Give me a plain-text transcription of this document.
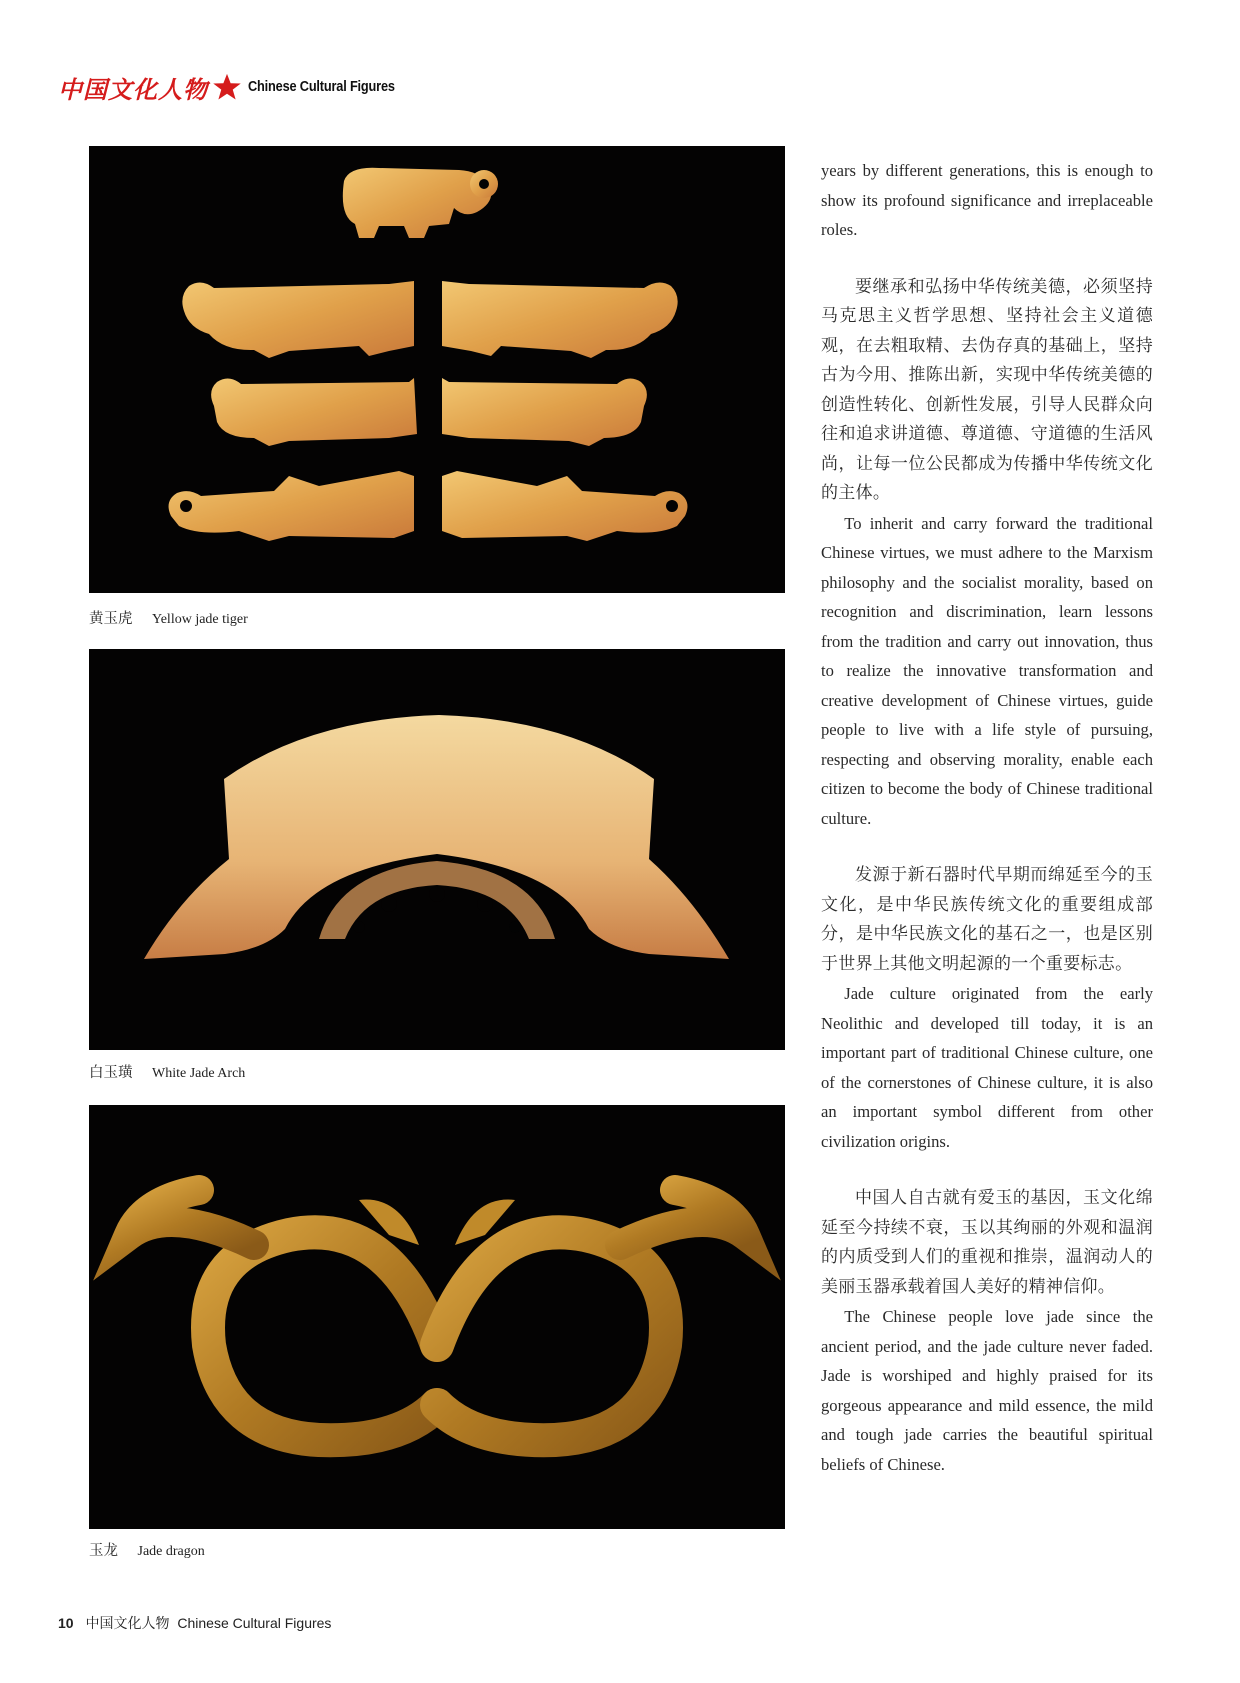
中国文化人物	Chinese Cultural Figures
黄玉虎 Yellow jade tiger
白玉璜 White Jade Arch
玉龙 Jade dragon

years by different generations, this is enough to show its profound significance and irreplaceable roles.

要继承和弘扬中华传统美德，必须坚持马克思主义哲学思想、坚持社会主义道德观，在去粗取精、去伪存真的基础上，坚持古为今用、推陈出新，实现中华传统美德的创造性转化、创新性发展，引导人民群众向往和追求讲道德、尊道德、守道德的生活风尚，让每一位公民都成为传播中华传统文化的主体。

To inherit and carry forward the traditional Chinese virtues, we must adhere to the Marxism philosophy and the socialist morality, based on recognition and discrimination, learn lessons from the tradition and carry out innovation, thus to realize the innovative transformation and creative development of Chinese virtues, guide people to live with a life style of pursuing, respecting and observing morality, enable each citizen to become the body of Chinese traditional culture.

发源于新石器时代早期而绵延至今的玉文化，是中华民族传统文化的重要组成部分，是中华民族文化的基石之一，也是区别于世界上其他文明起源的一个重要标志。

Jade culture originated from the early Neolithic and developed till today, it is an important part of traditional Chinese culture, one of the cornerstones of Chinese culture, it is also an important symbol different from other civilization origins.

中国人自古就有爱玉的基因，玉文化绵延至今持续不衰，玉以其绚丽的外观和温润的内质受到人们的重视和推崇，温润动人的美丽玉器承载着国人美好的精神信仰。

The Chinese people love jade since the ancient period, and the jade culture never faded. Jade is worshiped and highly praised for its gorgeous appearance and mild essence, the mild and tough jade carries the beautiful spiritual beliefs of Chinese.

10 中国文化人物 Chinese Cultural Figures
